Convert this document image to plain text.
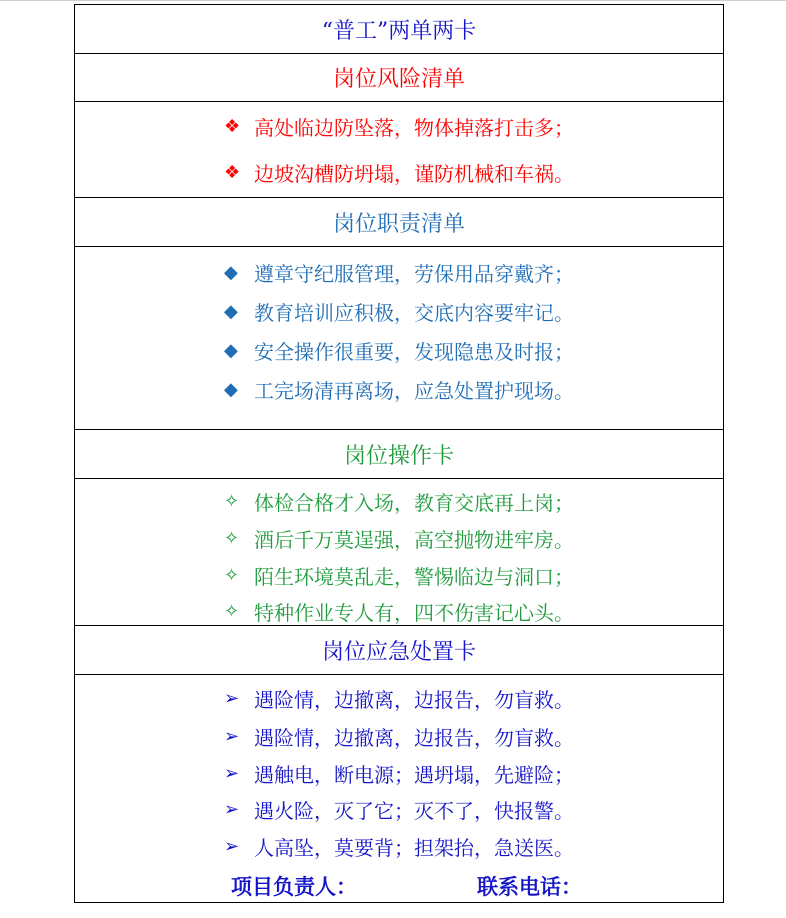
“普工”两单两卡
岗位风险清单
❖ 高处临边防坠落，物体掉落打击多；
❖ 边坡沟槽防坍塌，谨防机械和车祸。
岗位职责清单
◆ 遵章守纪服管理，劳保用品穿戴齐；
◆ 教育培训应积极，交底内容要牢记。
◆ 安全操作很重要，发现隐患及时报；
◆ 工完场清再离场，应急处置护现场。
岗位操作卡
✧ 体检合格才入场，教育交底再上岗；
✧ 酒后千万莫逞强，高空抛物进牢房。
✧ 陌生环境莫乱走，警惕临边与洞口；
✧ 特种作业专人有，四不伤害记心头。
岗位应急处置卡
➢ 遇险情，边撤离，边报告，勿盲救。
➢ 遇险情，边撤离，边报告，勿盲救。
➢ 遇触电，断电源；遇坍塌，先避险；
➢ 遇火险，灭了它；灭不了，快报警。
➢ 人高坠，莫要背；担架抬，急送医。
项目负责人：	联系电话：
